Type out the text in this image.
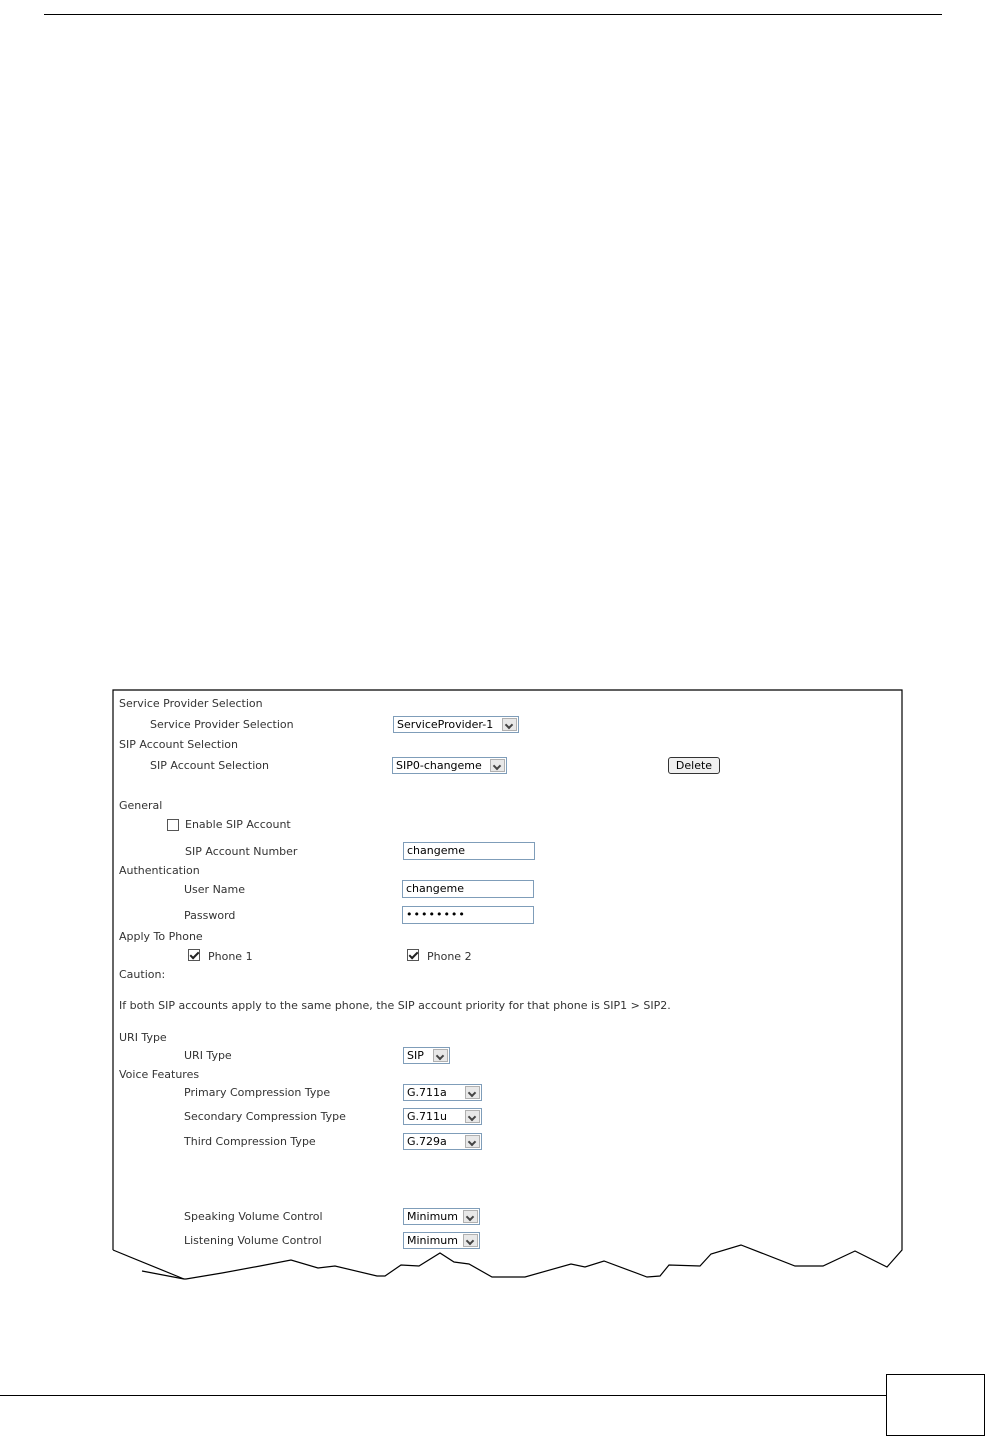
Service Provider Selection
Service Provider Selection	ServiceProvider-1
SIP Account Selection
SIP Account Selection	SIP0-changeme	Delete
General
Enable SIP Account
SIP Account Number	changeme
Authentication
User Name	changeme
Password	••••••••
Apply To Phone
Phone 1	Phone 2
Caution:
If both SIP accounts apply to the same phone, the SIP account priority for that phone is SIP1 > SIP2.
URI Type
URI Type	SIP
Voice Features
Primary Compression Type	G.711a
Secondary Compression Type	G.711u
Third Compression Type	G.729a
Speaking Volume Control	Minimum
Listening Volume Control	Minimum
